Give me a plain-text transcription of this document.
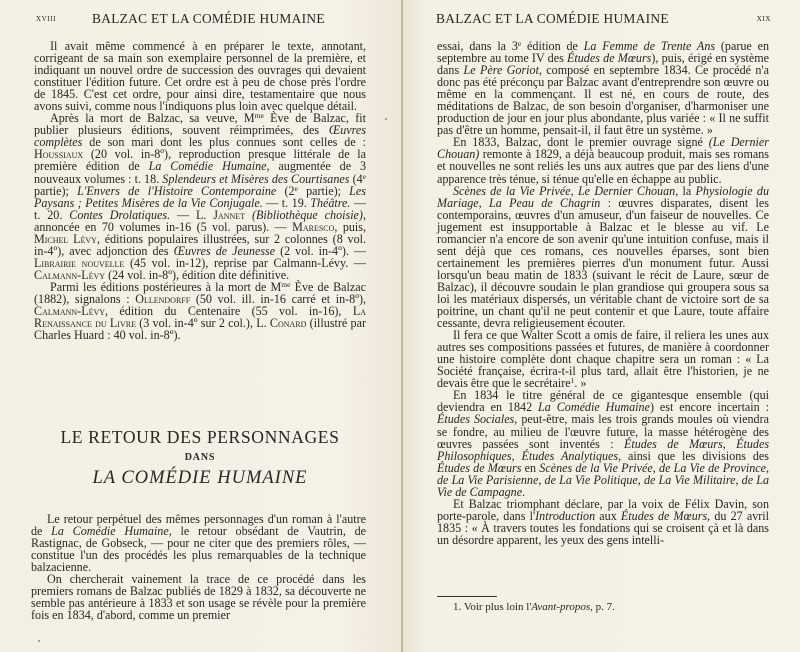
xviii	BALZAC ET LA COMÉDIE HUMAINE

Il avait même commencé à en préparer le texte, annotant, corrigeant de sa main son exemplaire personnel de la première, et indiquant un nouvel ordre de succession des ouvrages qui devaient constituer l'édition future. Cet ordre est à peu de chose près l'ordre de 1845. C'est cet ordre, pour ainsi dire, testamentaire que nous avons suivi, comme nous l'indiquons plus loin avec quelque détail.

Après la mort de Balzac, sa veuve, $M^{me}$ Ève de Balzac, fit publier plusieurs éditions, souvent réimprimées, des Œuvres complètes de son mari dont les plus connues sont celles de : Houssiaux (20 vol. in-8º), reproduction presque littérale de la première édition de La Comédie Humaine, augmentée de 3 nouveaux volumes : t. 18. Splendeurs et Misères des Courtisanes (4e partie); L'Envers de l'Histoire Contemporaine (2e partie); Les Paysans ; Petites Misères de la Vie Conjugale. — t. 19. Théâtre. — t. 20. Contes Drolatiques. — L. Jannet (Bibliothèque choisie), annoncée en 70 volumes in-16 (5 vol. parus). — Maresco, puis, Michel Lévy, éditions populaires illustrées, sur 2 colonnes (8 vol. in-4º), avec adjonction des Œuvres de Jeunesse (2 vol. in-4º). — Librairie nouvelle (45 vol. in-12), reprise par Calmann-Lévy. — Calmann-Lévy (24 vol. in-8º), édition dite définitive.

Parmi les éditions postérieures à la mort de $M^{me}$ Ève de Balzac (1882), signalons : Ollendorff (50 vol. ill. in-16 carré et in-8º), Calmann-Lévy, édition du Centenaire (55 vol. in-16), La Renaissance du Livre (3 vol. in-4º sur 2 col.), L. Conard (illustré par Charles Huard : 40 vol. in-8º).

LE RETOUR DES PERSONNAGES
DANS
LA COMÉDIE HUMAINE

Le retour perpétuel des mêmes personnages d'un roman à l'autre de La Comédie Humaine, le retour obsédant de Vautrin, de Rastignac, de Gobseck, — pour ne citer que des premiers rôles, — constitue l'un des procédés les plus remarquables de la technique balzacienne.

On chercherait vainement la trace de ce procédé dans les premiers romans de Balzac publiés de 1829 à 1832, sa découverte ne semble pas antérieure à 1833 et son usage se révèle pour la première fois en 1834, d'abord, comme un premier

BALZAC ET LA COMÉDIE HUMAINE	xix

essai, dans la 3e édition de La Femme de Trente Ans (parue en septembre au tome IV des Études de Mœurs), puis, érigé en système dans Le Père Goriot, composé en septembre 1834. Ce procédé n'a donc pas été préconçu par Balzac avant d'entreprendre son œuvre ou même en la commençant. Il est né, en cours de route, des méditations de Balzac, de son besoin d'organiser, d'harmoniser une production de jour en jour plus abondante, plus variée : « Il ne suffit pas d'être un homme, pensait-il, il faut être un système. »

En 1833, Balzac, dont le premier ouvrage signé (Le Dernier Chouan) remonte à 1829, a déjà beaucoup produit, mais ses romans et nouvelles ne sont reliés les uns aux autres que par des liens d'une apparence très ténue, si ténue qu'elle en échappe au public.

Scènes de la Vie Privée, Le Dernier Chouan, la Physiologie du Mariage, La Peau de Chagrin : œuvres disparates, disent les contemporains, œuvres d'un amuseur, d'un faiseur de nouvelles. Ce jugement est insupportable à Balzac et le blesse au vif. Le romancier n'a encore de son avenir qu'une intuition confuse, mais il sent déjà que ces romans, ces nouvelles éparses, sont bien certainement les premières pierres d'un monument futur. Aussi lorsqu'un beau matin de 1833 (suivant le récit de Laure, sœur de Balzac), il découvre soudain le plan grandiose qui groupera sous sa loi les matériaux dispersés, un véritable chant de victoire sort de sa poitrine, un chant qu'il ne peut contenir et que Laure, toute affaire cessante, devra religieusement écouter.

Il fera ce que Walter Scott a omis de faire, il reliera les unes aux autres ses compositions passées et futures, de manière à coordonner une histoire complète dont chaque chapitre sera un roman : « La Société française, écrira-t-il plus tard, allait être l'historien, je ne devais être que le secrétaire$^1$. »

En 1834 le titre général de ce gigantesque ensemble (qui deviendra en 1842 La Comédie Humaine) est encore incertain : Études Sociales, peut-être, mais les trois grands moules où viendra se fondre, au milieu de l'œuvre future, la masse hétérogène des œuvres passées sont inventés : Études de Mœurs, Études Philosophiques, Études Analytiques, ainsi que les divisions des Études de Mœurs en Scènes de la Vie Privée, de La Vie de Province, de La Vie Parisienne, de La Vie Politique, de La Vie Militaire, de La Vie de Campagne.

Et Balzac triomphant déclare, par la voix de Félix Davin, son porte-parole, dans l'Introduction aux Études de Mœurs, du 27 avril 1835 : « À travers toutes les fondations qui se croisent çà et là dans un désordre apparent, les yeux des gens intelli-

1. Voir plus loin l'Avant-propos, p. 7.
